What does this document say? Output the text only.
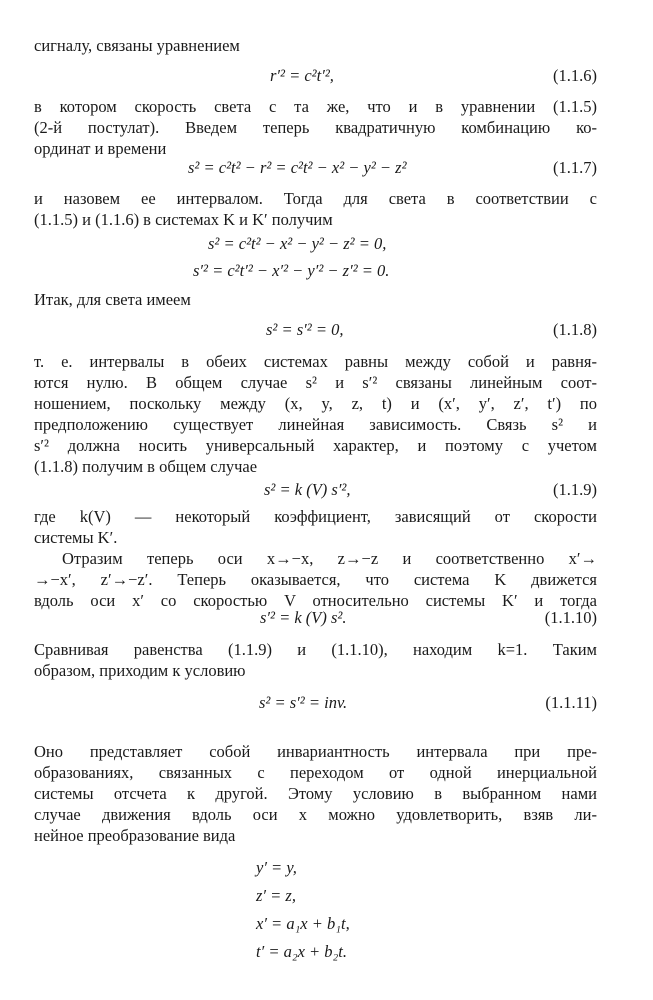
сигналу, связаны уравнением
r′² = c²t′²,	(1.1.6)
в котором скорость света c та же, что и в уравнении (1.1.5)
(2-й постулат). Введем теперь квадратичную комбинацию ко-
ординат и времени
s² = c²t² − r² = c²t² − x² − y² − z²	(1.1.7)
и назовем ее интервалом. Тогда для света в соответствии с
(1.1.5) и (1.1.6) в системах K и K′ получим
s² = c²t² − x² − y² − z² = 0,
s′² = c²t′² − x′² − y′² − z′² = 0.
Итак, для света имеем
s² = s′² = 0,	(1.1.8)
т. е. интервалы в обеих системах равны между собой и равня-
ются нулю. В общем случае s² и s′² связаны линейным соот-
ношением, поскольку между (x, y, z, t) и (x′, y′, z′, t′) по
предположению существует линейная зависимость. Связь s² и
s′² должна носить универсальный характер, и поэтому с учетом
(1.1.8) получим в общем случае
s² = k (V) s′²,	(1.1.9)
где k(V) — некоторый коэффициент, зависящий от скорости
системы K′.
Отразим теперь оси x→−x, z→−z и соответственно x′→
→−x′, z′→−z′. Теперь оказывается, что система K движется
вдоль оси x′ со скоростью V относительно системы K′ и тогда
s′² = k (V) s².	(1.1.10)
Сравнивая равенства (1.1.9) и (1.1.10), находим k=1. Таким
образом, приходим к условию
s² = s′² = inv.	(1.1.11)
Оно представляет собой инвариантность интервала при пре-
образованиях, связанных с переходом от одной инерциальной
системы отсчета к другой. Этому условию в выбранном нами
случае движения вдоль оси x можно удовлетворить, взяв ли-
нейное преобразование вида
y′ = y,
z′ = z,
x′ = a₁x + b₁t,
t′ = a₂x + b₂t.
